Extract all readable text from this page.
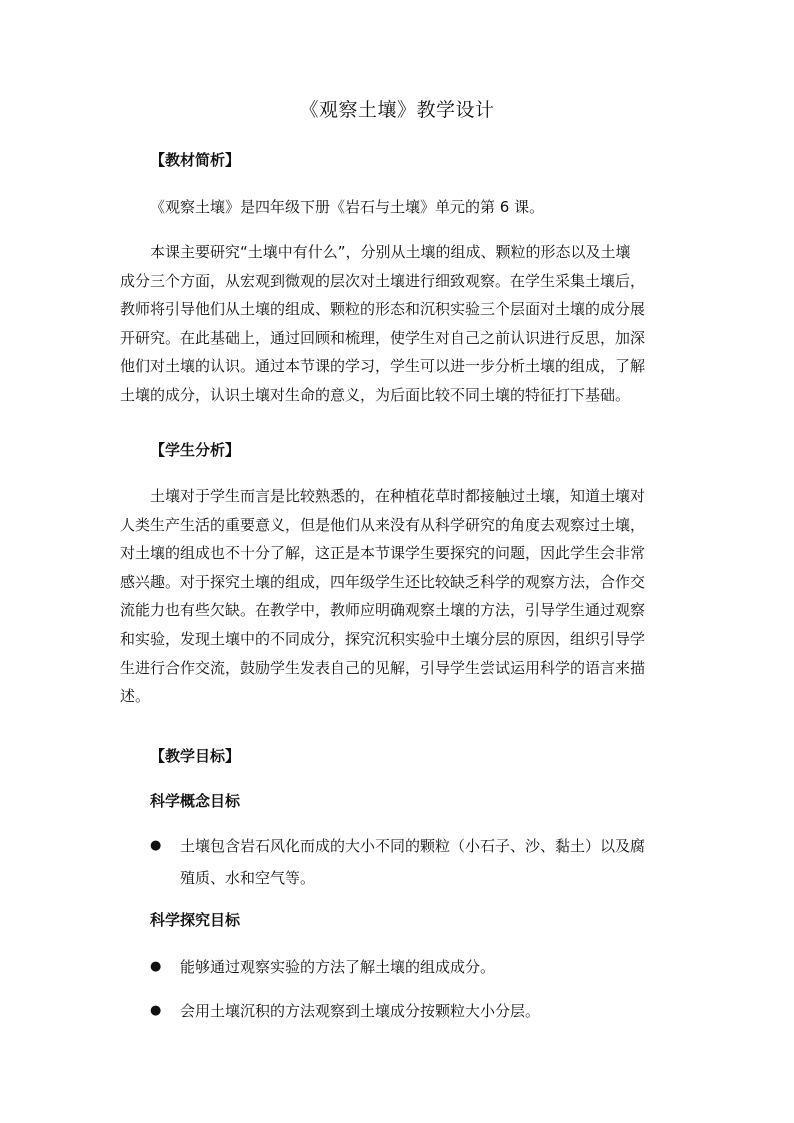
《观察土壤》教学设计
【教材简析】
《观察土壤》是四年级下册《岩石与土壤》单元的第 6 课。
本课主要研究“土壤中有什么”，分别从土壤的组成、颗粒的形态以及土壤
成分三个方面，从宏观到微观的层次对土壤进行细致观察。在学生采集土壤后，
教师将引导他们从土壤的组成、颗粒的形态和沉积实验三个层面对土壤的成分展
开研究。在此基础上，通过回顾和梳理，使学生对自己之前认识进行反思，加深
他们对土壤的认识。通过本节课的学习，学生可以进一步分析土壤的组成，了解
土壤的成分，认识土壤对生命的意义，为后面比较不同土壤的特征打下基础。
【学生分析】
土壤对于学生而言是比较熟悉的，在种植花草时都接触过土壤，知道土壤对
人类生产生活的重要意义，但是他们从来没有从科学研究的角度去观察过土壤，
对土壤的组成也不十分了解，这正是本节课学生要探究的问题，因此学生会非常
感兴趣。对于探究土壤的组成，四年级学生还比较缺乏科学的观察方法，合作交
流能力也有些欠缺。在教学中，教师应明确观察土壤的方法，引导学生通过观察
和实验，发现土壤中的不同成分，探究沉积实验中土壤分层的原因，组织引导学
生进行合作交流，鼓励学生发表自己的见解，引导学生尝试运用科学的语言来描
述。
【教学目标】
科学概念目标
● 土壤包含岩石风化而成的大小不同的颗粒（小石子、沙、黏土）以及腐
殖质、水和空气等。
科学探究目标
● 能够通过观察实验的方法了解土壤的组成成分。
● 会用土壤沉积的方法观察到土壤成分按颗粒大小分层。
